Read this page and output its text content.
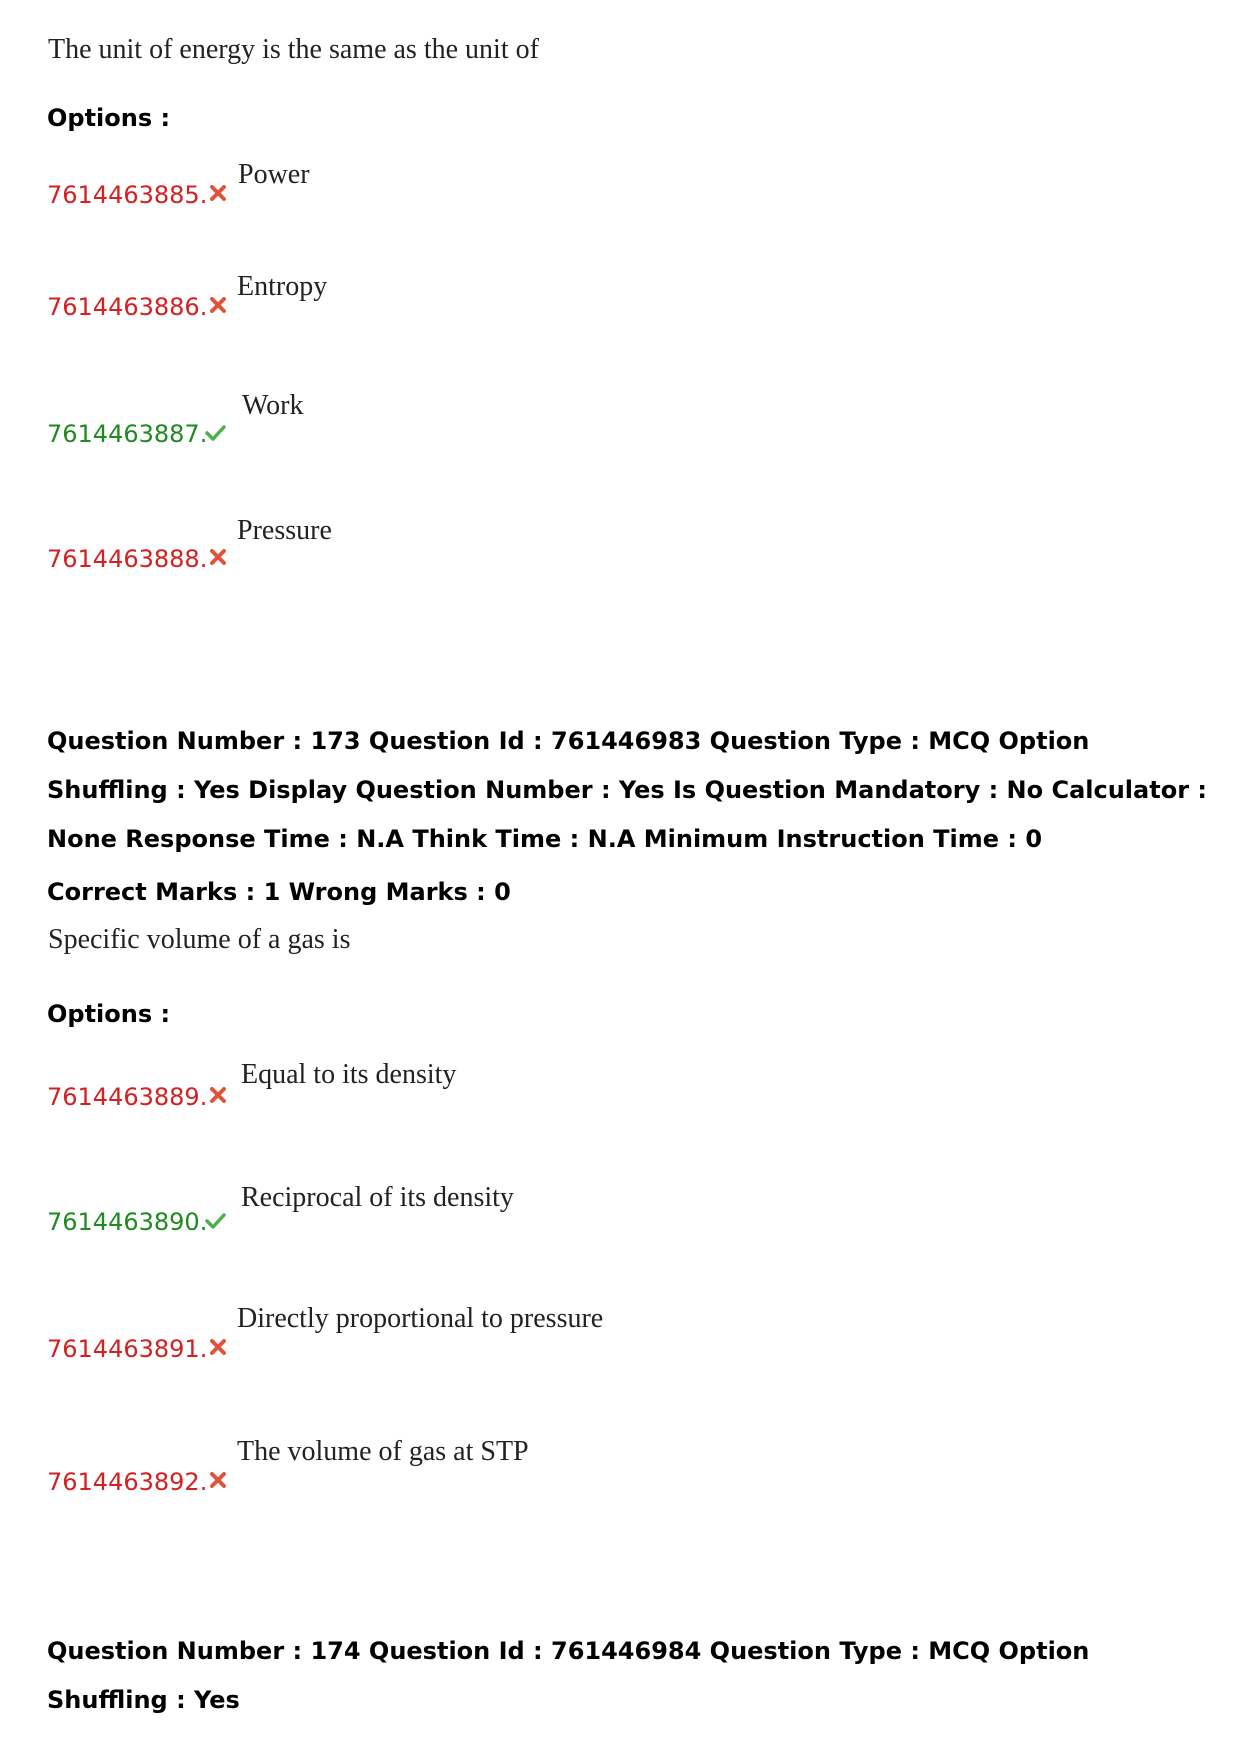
The unit of energy is the same as the unit of

Options :

7614463885.
Power
7614463886.
Entropy
7614463887.
Work
7614463888.
Pressure

Question Number : 173 Question Id : 761446983 Question Type : MCQ Option Shuffling : Yes Display Question Number : Yes Is Question Mandatory : No Calculator : None Response Time : N.A Think Time : N.A Minimum Instruction Time : 0

Correct Marks : 1 Wrong Marks : 0

Specific volume of a gas is

Options :

7614463889.
Equal to its density
7614463890.
Reciprocal of its density
7614463891.
Directly proportional to pressure
7614463892.
The volume of gas at STP

Question Number : 174 Question Id : 761446984 Question Type : MCQ Option Shuffling : Yes
